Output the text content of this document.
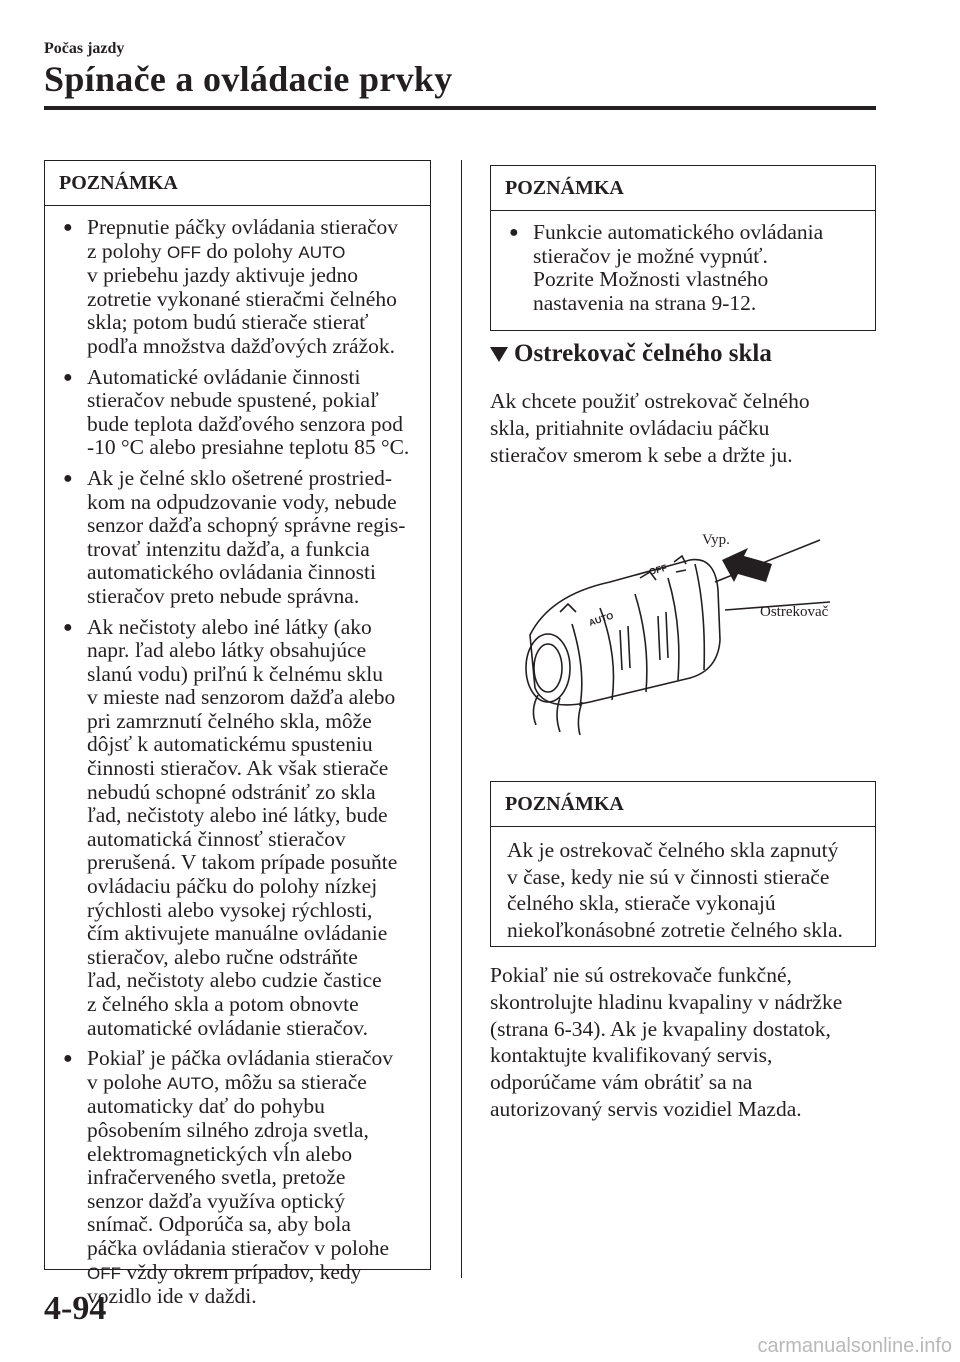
Počas jazdy
Spínače a ovládacie prvky
POZNÁMKA
● Prepnutie páčky ovládania stieračov
z polohy OFF do polohy AUTO
v priebehu jazdy aktivuje jedno
zotretie vykonané stieračmi čelného
skla; potom budú stierače stierať
podľa množstva dažďových zrážok.
● Automatické ovládanie činnosti
stieračov nebude spustené, pokiaľ
bude teplota dažďového senzora pod
-10 °C alebo presiahne teplotu 85 °C.
● Ak je čelné sklo ošetrené prostried-
kom na odpudzovanie vody, nebude
senzor dažďa schopný správne regis-
trovať intenzitu dažďa, a funkcia
automatického ovládania činnosti
stieračov preto nebude správna.
● Ak nečistoty alebo iné látky (ako
napr. ľad alebo látky obsahujúce
slanú vodu) priľnú k čelnému sklu
v mieste nad senzorom dažďa alebo
pri zamrznutí čelného skla, môže
dôjsť k automatickému spusteniu
činnosti stieračov. Ak však stierače
nebudú schopné odstrániť zo skla
ľad, nečistoty alebo iné látky, bude
automatická činnosť stieračov
prerušená. V takom prípade posuňte
ovládaciu páčku do polohy nízkej
rýchlosti alebo vysokej rýchlosti,
čím aktivujete manuálne ovládanie
stieračov, alebo ručne odstráňte
ľad, nečistoty alebo cudzie častice
z čelného skla a potom obnovte
automatické ovládanie stieračov.
● Pokiaľ je páčka ovládania stieračov
v polohe AUTO, môžu sa stierače
automaticky dať do pohybu
pôsobením silného zdroja svetla,
elektromagnetických vĺn alebo
infračerveného svetla, pretože
senzor dažďa využíva optický
snímač. Odporúča sa, aby bola
páčka ovládania stieračov v polohe
OFF vždy okrem prípadov, kedy
vozidlo ide v daždi.
POZNÁMKA
● Funkcie automatického ovládania
stieračov je možné vypnúť.
Pozrite Možnosti vlastného
nastavenia na strana 9-12.
Ostrekovač čelného skla
Ak chcete použiť ostrekovač čelného
skla, pritiahnite ovládaciu páčku
stieračov smerom k sebe a držte ju.
OFF
AUTO
Vyp.
Ostrekovač
POZNÁMKA
Ak je ostrekovač čelného skla zapnutý
v čase, kedy nie sú v činnosti stierače
čelného skla, stierače vykonajú
niekoľkonásobné zotretie čelného skla.
Pokiaľ nie sú ostrekovače funkčné,
skontrolujte hladinu kvapaliny v nádržke
(strana 6-34). Ak je kvapaliny dostatok,
kontaktujte kvalifikovaný servis,
odporúčame vám obrátiť sa na
autorizovaný servis vozidiel Mazda.
4-94
carmanualsonline.info
